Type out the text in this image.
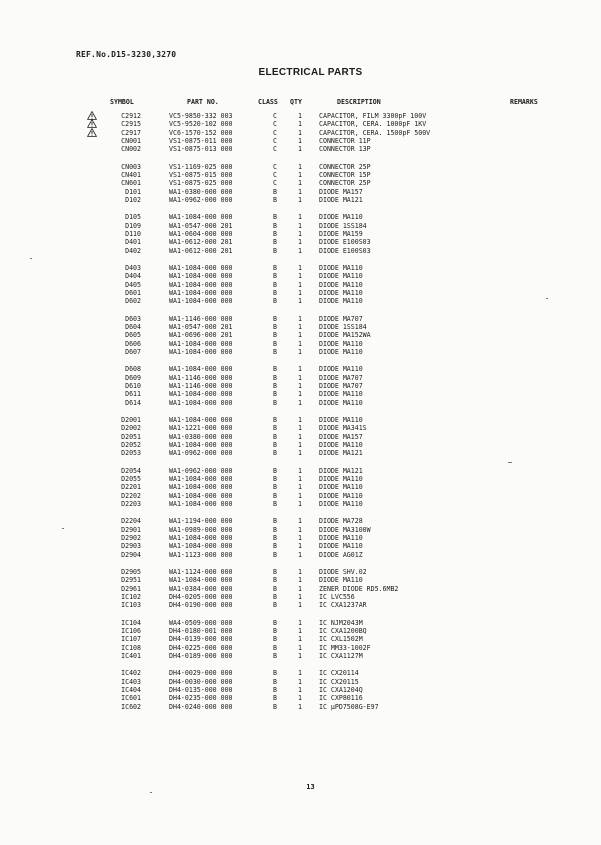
REF.No.D15-3230,3270
ELECTRICAL PARTS
SYMBOL	PART NO.	CLASS QTY	DESCRIPTION	REMARKS
C2912	VC5-9850-332 003	C	1	CAPACITOR, FILM 3300pF 100V
C2915	VC5-9520-102 000	C	1	CAPACITOR, CERA. 1000pF 1KV
C2917	VC6-1570-152 000	C	1	CAPACITOR, CERA. 1500pF 500V
CN001	VS1-0875-011 000	C	1	CONNECTOR 11P
CN002	VS1-0875-013 000	C	1	CONNECTOR 13P
CN003	VS1-1169-025 000	C	1	CONNECTOR 25P
CN401	VS1-0875-015 000	C	1	CONNECTOR 15P
CN601	VS1-0875-025 000	C	1	CONNECTOR 25P
D101	WA1-0380-000 000	B	1	DIODE MA157
D102	WA1-0962-000 000	B	1	DIODE MA121
D105	WA1-1084-000 000	B	1	DIODE MA110
D109	WA1-0547-000 201	B	1	DIODE 1SS184
D110	WA1-0604-000 000	B	1	DIODE MA159
D401	WA1-0612-000 201	B	1	DIODE E100S03
D402	WA1-0612-000 201	B	1	DIODE E100S03
D403	WA1-1084-000 000	B	1	DIODE MA110
D404	WA1-1084-000 000	B	1	DIODE MA110
D405	WA1-1084-000 000	B	1	DIODE MA110
D601	WA1-1084-000 000	B	1	DIODE MA110
D602	WA1-1084-000 000	B	1	DIODE MA110
D603	WA1-1146-000 000	B	1	DIODE MA707
D604	WA1-0547-000 201	B	1	DIODE 1SS184
D605	WA1-0696-000 201	B	1	DIODE MA152WA
D606	WA1-1084-000 000	B	1	DIODE MA110
D607	WA1-1084-000 000	B	1	DIODE MA110
D608	WA1-1084-000 000	B	1	DIODE MA110
D609	WA1-1146-000 000	B	1	DIODE MA707
D610	WA1-1146-000 000	B	1	DIODE MA707
D611	WA1-1084-000 000	B	1	DIODE MA110
D614	WA1-1084-000 000	B	1	DIODE MA110
D2001	WA1-1084-000 000	B	1	DIODE MA110
D2002	WA1-1221-000 000	B	1	DIODE MA341S
D2051	WA1-0380-000 000	B	1	DIODE MA157
D2052	WA1-1084-000 000	B	1	DIODE MA110
D2053	WA1-0962-000 000	B	1	DIODE MA121
D2054	WA1-0962-000 000	B	1	DIODE MA121
D2055	WA1-1084-000 000	B	1	DIODE MA110
D2201	WA1-1084-000 000	B	1	DIODE MA110
D2202	WA1-1084-000 000	B	1	DIODE MA110
D2203	WA1-1084-000 000	B	1	DIODE MA110
D2204	WA1-1194-000 000	B	1	DIODE MA728
D2901	WA1-0989-000 000	B	1	DIODE MA3100W
D2902	WA1-1084-000 000	B	1	DIODE MA110
D2903	WA1-1084-000 000	B	1	DIODE MA110
D2904	WA1-1123-000 000	B	1	DIODE AG01Z
D2905	WA1-1124-000 000	B	1	DIODE SHV.02
D2951	WA1-1084-000 000	B	1	DIODE MA110
D2961	WA1-0384-000 000	B	1	ZENER DIODE RD5.6MB2
IC102	DH4-0205-000 000	B	1	IC LVC556
IC103	DH4-0190-000 000	B	1	IC CXA1237AR
IC104	WA4-0509-000 000	B	1	IC NJM2043M
IC106	DH4-0180-001 000	B	1	IC CXA1200BQ
IC107	DH4-0139-000 000	B	1	IC CXL1502M
IC108	DH4-0225-000 000	B	1	IC MM33-1002F
IC401	DH4-0189-000 000	B	1	IC CXA1127M
IC402	DH4-0029-000 000	B	1	IC CX20114
IC403	DH4-0030-000 000	B	1	IC CX20115
IC404	DH4-0135-000 000	B	1	IC CXA1204Q
IC601	DH4-0235-000 000	B	1	IC CXP80116
IC602	DH4-0240-000 000	B	1	IC µPD7508G-E97
13
